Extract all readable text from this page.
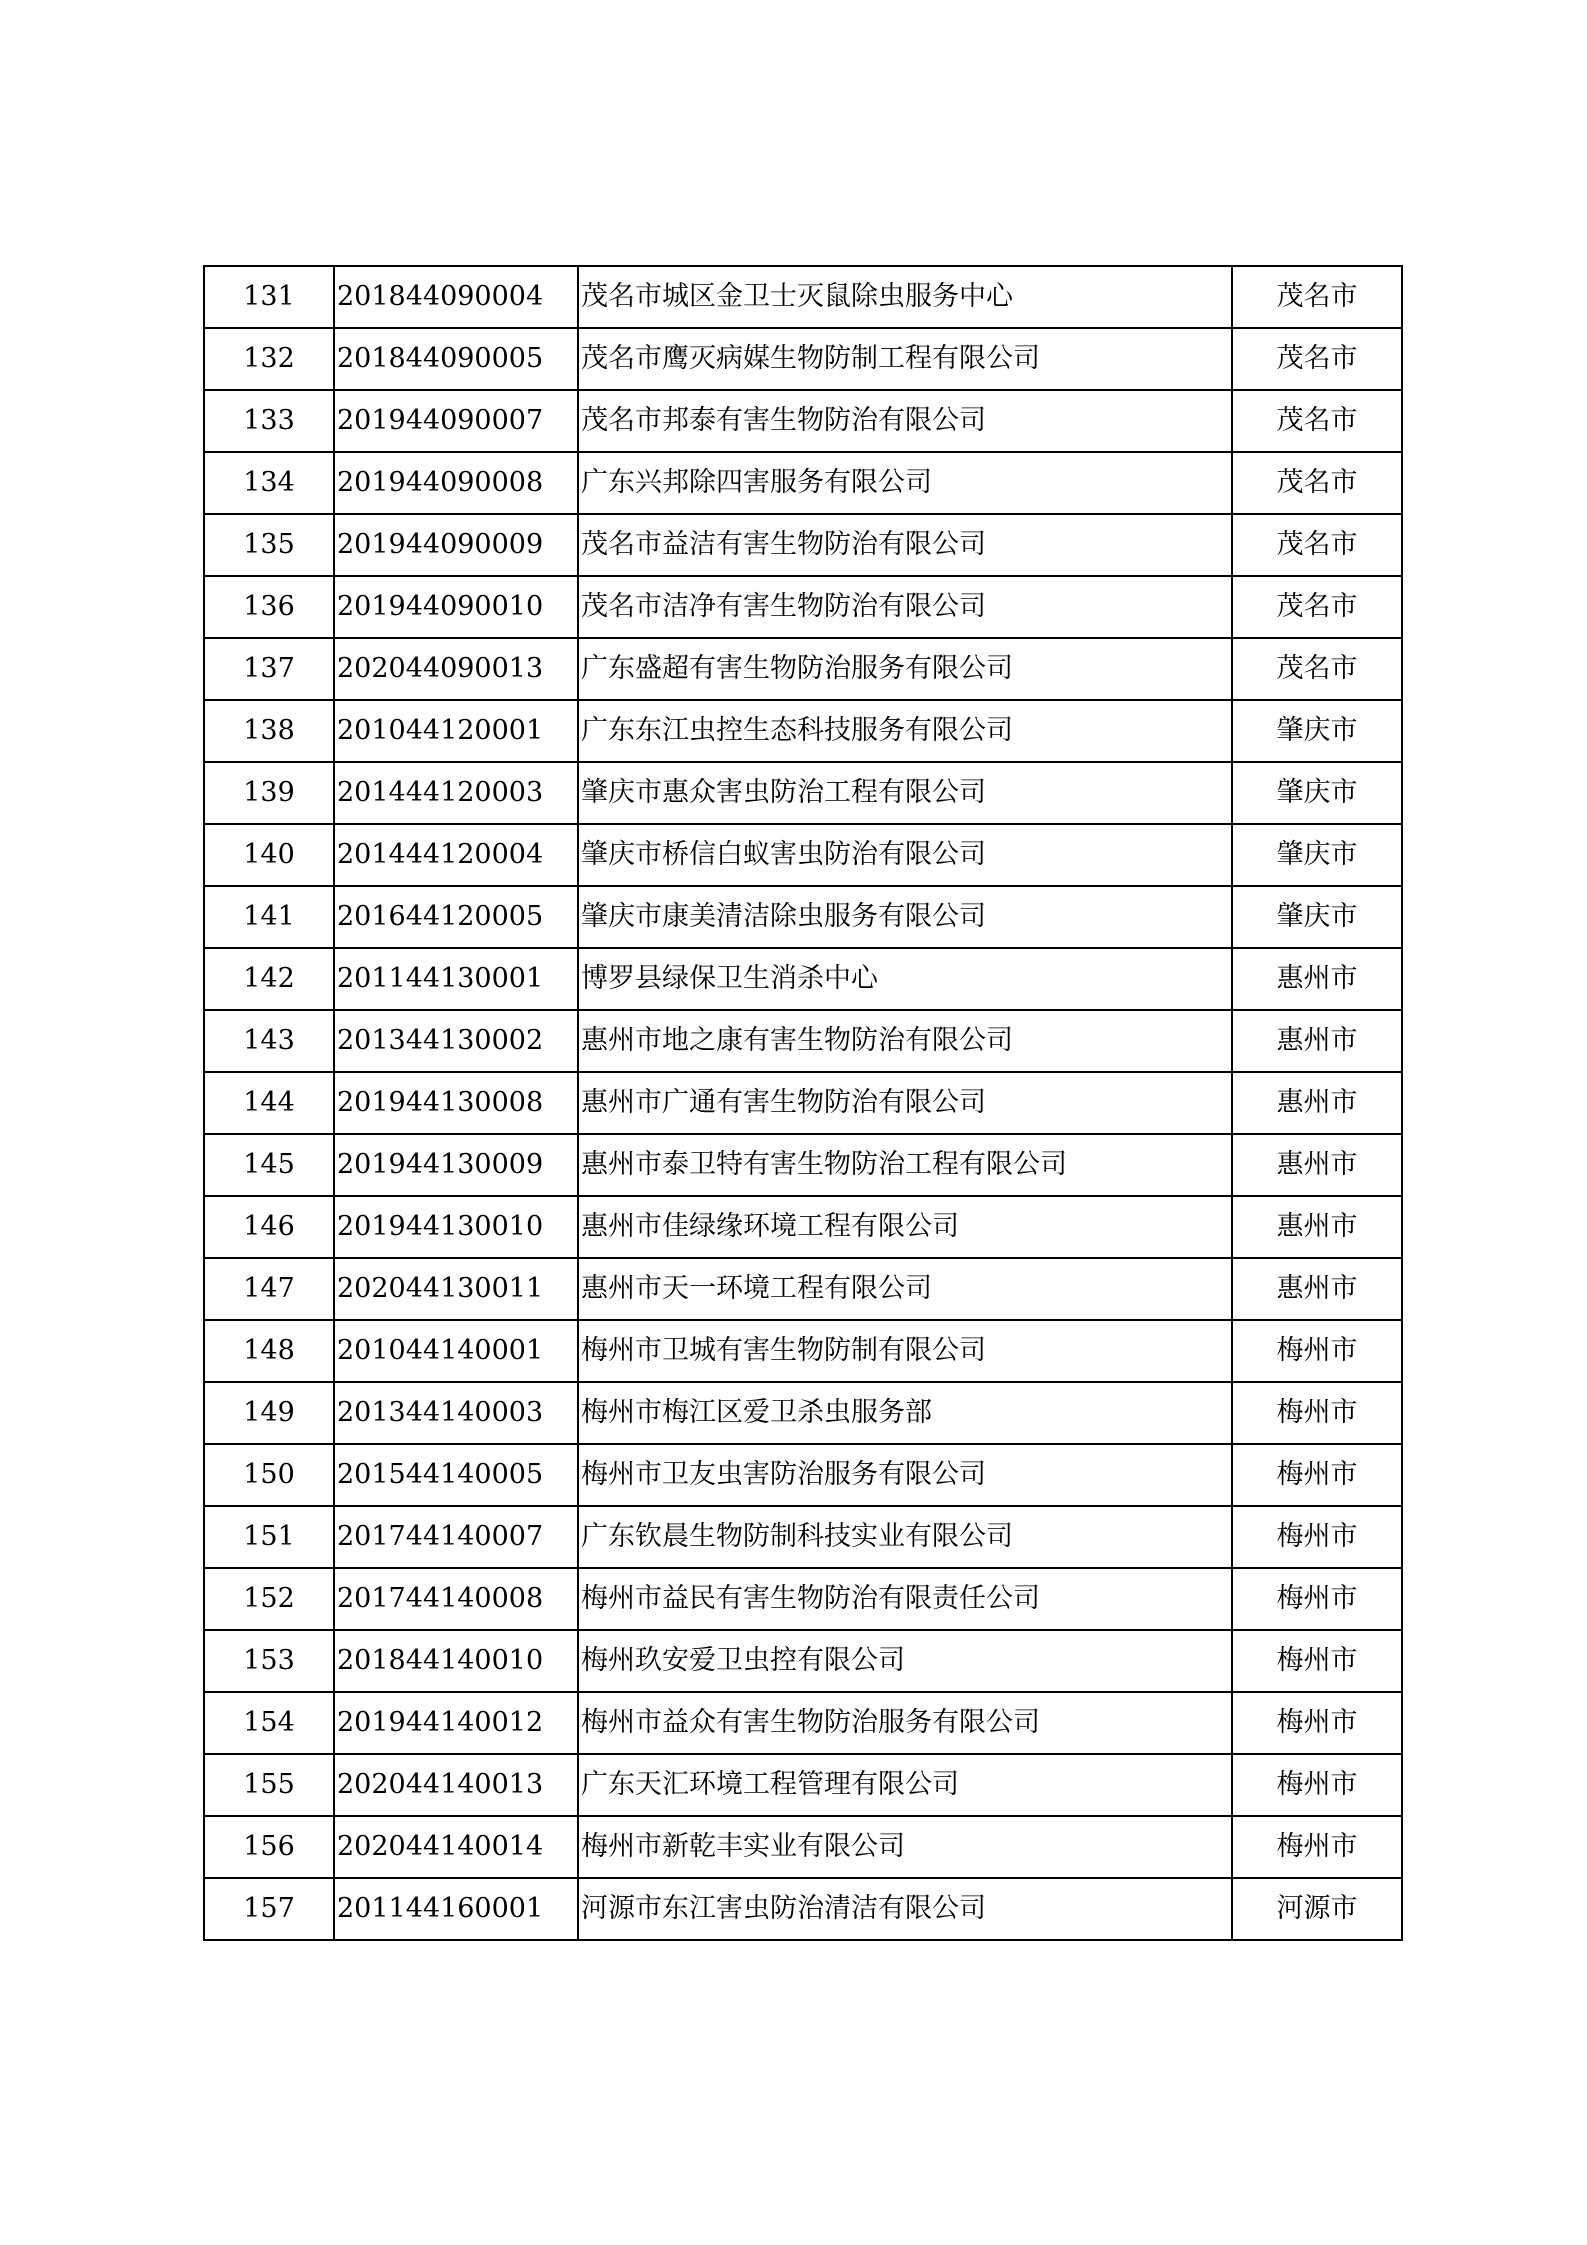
131	201844090004	茂名市城区金卫士灭鼠除虫服务中心	茂名市
132	201844090005	茂名市鹰灭病媒生物防制工程有限公司	茂名市
133	201944090007	茂名市邦泰有害生物防治有限公司	茂名市
134	201944090008	广东兴邦除四害服务有限公司	茂名市
135	201944090009	茂名市益洁有害生物防治有限公司	茂名市
136	201944090010	茂名市洁净有害生物防治有限公司	茂名市
137	202044090013	广东盛超有害生物防治服务有限公司	茂名市
138	201044120001	广东东江虫控生态科技服务有限公司	肇庆市
139	201444120003	肇庆市惠众害虫防治工程有限公司	肇庆市
140	201444120004	肇庆市桥信白蚁害虫防治有限公司	肇庆市
141	201644120005	肇庆市康美清洁除虫服务有限公司	肇庆市
142	201144130001	博罗县绿保卫生消杀中心	惠州市
143	201344130002	惠州市地之康有害生物防治有限公司	惠州市
144	201944130008	惠州市广通有害生物防治有限公司	惠州市
145	201944130009	惠州市泰卫特有害生物防治工程有限公司	惠州市
146	201944130010	惠州市佳绿缘环境工程有限公司	惠州市
147	202044130011	惠州市天一环境工程有限公司	惠州市
148	201044140001	梅州市卫城有害生物防制有限公司	梅州市
149	201344140003	梅州市梅江区爱卫杀虫服务部	梅州市
150	201544140005	梅州市卫友虫害防治服务有限公司	梅州市
151	201744140007	广东钦晨生物防制科技实业有限公司	梅州市
152	201744140008	梅州市益民有害生物防治有限责任公司	梅州市
153	201844140010	梅州玖安爱卫虫控有限公司	梅州市
154	201944140012	梅州市益众有害生物防治服务有限公司	梅州市
155	202044140013	广东天汇环境工程管理有限公司	梅州市
156	202044140014	梅州市新乾丰实业有限公司	梅州市
157	201144160001	河源市东江害虫防治清洁有限公司	河源市
